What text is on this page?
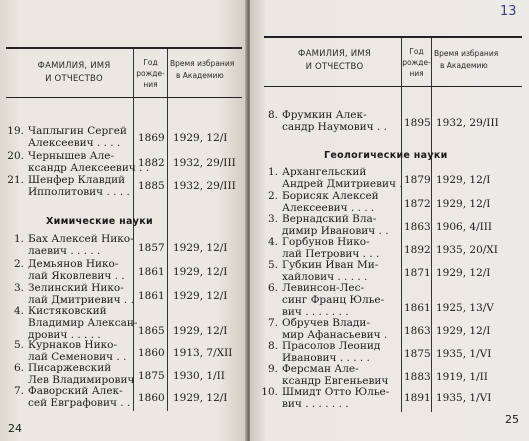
ФАМИЛИЯ, ИМЯ
И ОТЧЕСТВО
Год
рожде-
ния
Время избрания
в Академию
19. Чаплыгин Сергей
Алексеевич . . . . 1869 1929, 12/I
20. Чернышев Але-
ксандр Алексеевич . .
1882 1932, 29/III
21. Шенфер Клавдий
Ипполитович . . . . 1885 1932, 29/III
Химические науки
1. Бах Алексей Нико-
лаевич . . . . .	1857 1929, 12/I
2. Демьянов Нико-
лай Яковлевич . . 1861 1929, 12/I
3. Зелинский Нико-
лай Дмитриевич . . 1861 1929, 12/I
4. Кистяковский
Владимир Алексан-
дрович . . . . .	1865 1929, 12/I
5. Курнаков Нико-
лай Семенович . . 1860 1913, 7/XII
6. Писаржевский
Лев Владимирович 1875 1930, 1/II
7. Фаворский Алек-
сей Евграфович . . 1860 1929, 12/I
24
13
ФАМИЛИЯ, ИМЯ
И ОТЧЕСТВО
Год
рожде-
ния
Время избрания
в Академию
8. Фрумкин Алек-
сандр Наумович . . 1895 1932, 29/III
Геологические науки
1. Архангельский
Андрей Дмитриевич . 1879 1929, 12/I
2. Борисяк Алексей
Алексеевич . . . .	1872 1929, 12/I
3. Вернадский Вла-
димир Иванович . . 1863 1906, 4/III
4. Горбунов Нико-
лай Петрович . . . 1892 1935, 20/XI
5. Губкин Иван Ми-
хайлович . . . . .	1871 1929, 12/I
6. Левинсон-Лес-
синг Франц Юлье-
вич . . . . . . .	1861 1925, 13/V
7. Обручев Влади-
мир Афанасьевич . 1863 1929, 12/I
8. Прасолов Леонид
Иванович . . . . .	1875 1935, 1/VI
9. Ферсман Але-
ксандр Евгеньевич 1883 1919, 1/II
10. Шмидт Отто Юлье-
вич . . . . . . .	1891 1935, 1/VI
25
